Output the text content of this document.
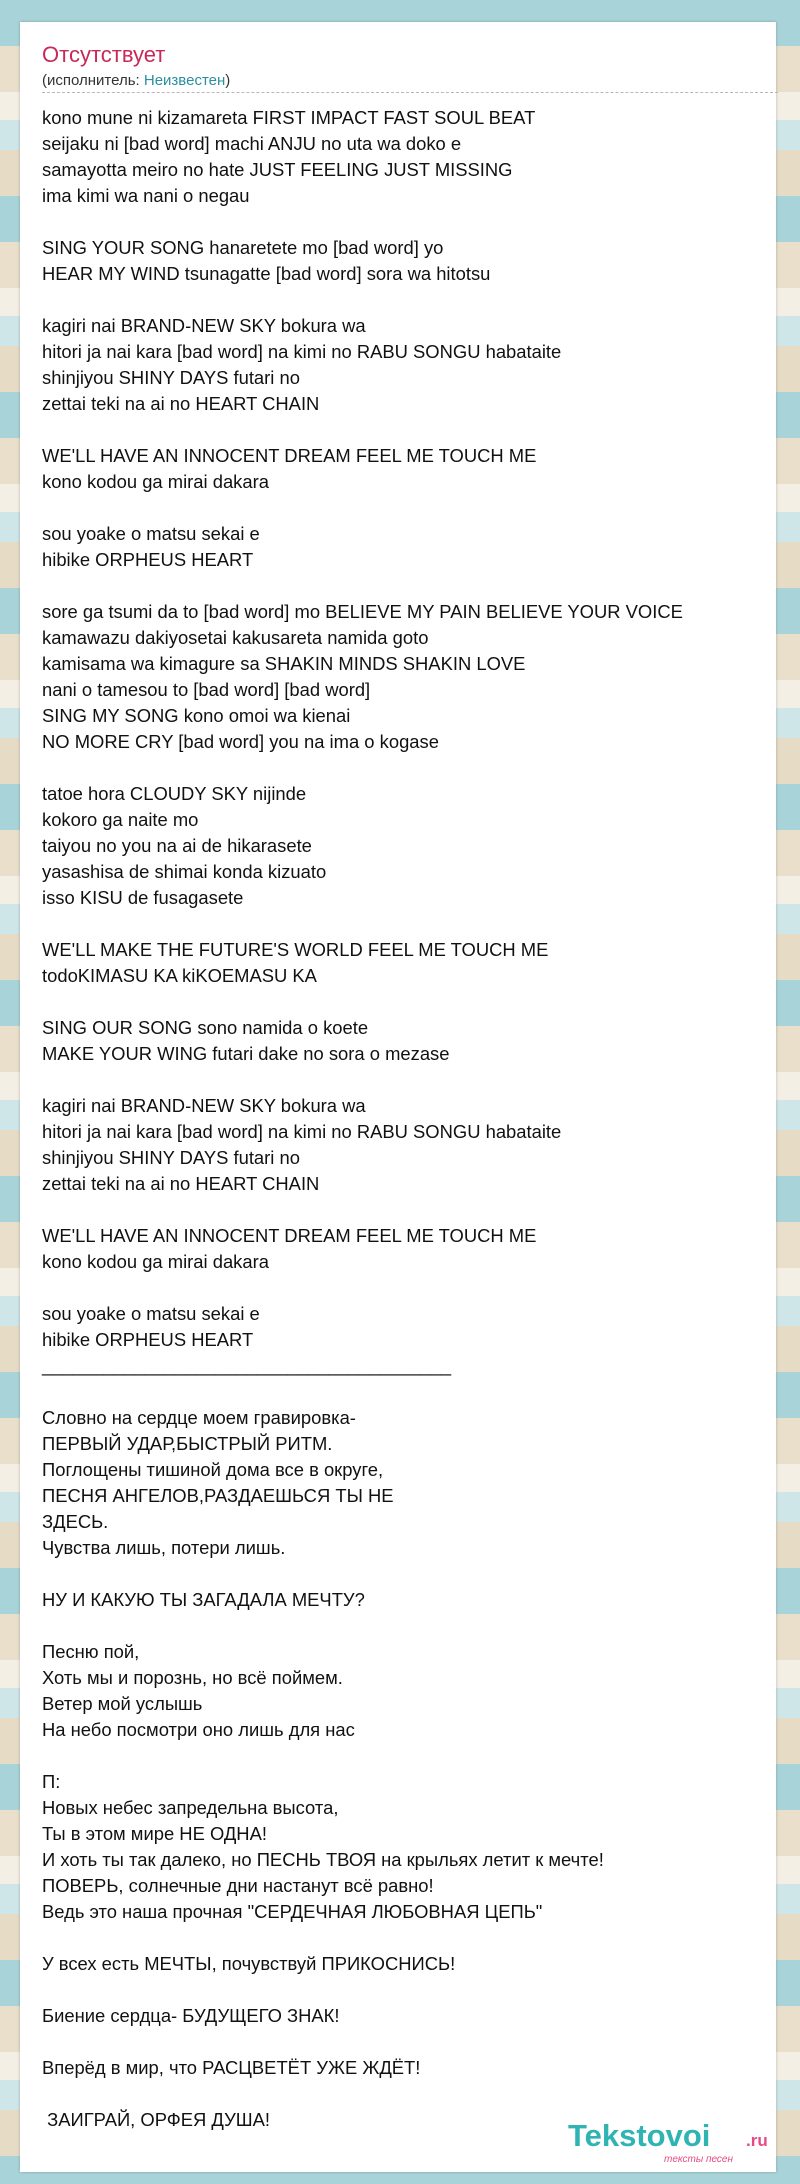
Отсутствует
(исполнитель: Неизвестен)
kono mune ni kizamareta FIRST IMPACT FAST SOUL BEAT
seijaku ni [bad word] machi ANJU no uta wa doko e
samayotta meiro no hate JUST FEELING JUST MISSING
ima kimi wa nani o negau
SING YOUR SONG hanaretete mo [bad word] yo
HEAR MY WIND tsunagatte [bad word] sora wa hitotsu
kagiri nai BRAND-NEW SKY bokura wa
hitori ja nai kara [bad word] na kimi no RABU SONGU habataite
shinjiyou SHINY DAYS futari no
zettai teki na ai no HEART CHAIN
WE'LL HAVE AN INNOCENT DREAM FEEL ME TOUCH ME
kono kodou ga mirai dakara
sou yoake o matsu sekai e
hibike ORPHEUS HEART
sore ga tsumi da to [bad word] mo BELIEVE MY PAIN BELIEVE YOUR VOICE
kamawazu dakiyosetai kakusareta namida goto
kamisama wa kimagure sa SHAKIN MINDS SHAKIN LOVE
nani o tamesou to [bad word] [bad word]
SING MY SONG kono omoi wa kienai
NO MORE CRY [bad word] you na ima o kogase
tatoe hora CLOUDY SKY nijinde
kokoro ga naite mo
taiyou no you na ai de hikarasete
yasashisa de shimai konda kizuato
isso KISU de fusagasete
WE'LL MAKE THE FUTURE'S WORLD FEEL ME TOUCH ME
todoKIMASU KA kiKOEMASU KA
SING OUR SONG sono namida o koete
MAKE YOUR WING futari dake no sora o mezase
kagiri nai BRAND-NEW SKY bokura wa
hitori ja nai kara [bad word] na kimi no RABU SONGU habataite
shinjiyou SHINY DAYS futari no
zettai teki na ai no HEART CHAIN
WE'LL HAVE AN INNOCENT DREAM FEEL ME TOUCH ME
kono kodou ga mirai dakara
sou yoake o matsu sekai e
hibike ORPHEUS HEART
________________________________________
Словно на сердце моем гравировка-
ПЕРВЫЙ УДАР,БЫСТРЫЙ РИТМ.
Поглощены тишиной дома все в округе,
ПЕСНЯ АНГЕЛОВ,РАЗДАЕШЬСЯ ТЫ НЕ
ЗДЕСЬ.
Чувства лишь, потери лишь.
НУ И КАКУЮ ТЫ ЗАГАДАЛА МЕЧТУ?
Песню пой,
Хоть мы и порознь, но всё поймем.
Ветер мой услышь
На небо посмотри оно лишь для нас
П:
Новых небес запредельна высота,
Ты в этом мире НЕ ОДНА!
И хоть ты так далеко, но ПЕСНЬ ТВОЯ на крыльях летит к мечте!
ПОВЕРЬ, солнечные дни настанут всё равно!
Ведь это наша прочная "СЕРДЕЧНАЯ ЛЮБОВНАЯ ЦЕПЬ"
У всех есть МЕЧТЫ, почувствуй ПРИКОСНИСЬ!
Биение сердца- БУДУЩЕГО ЗНАК!
Вперёд в мир, что РАСЦВЕТЁТ УЖЕ ЖДЁТ!
ЗАИГРАЙ, ОРФЕЯ ДУША!	Tekstovoi .ru
тексты песен
